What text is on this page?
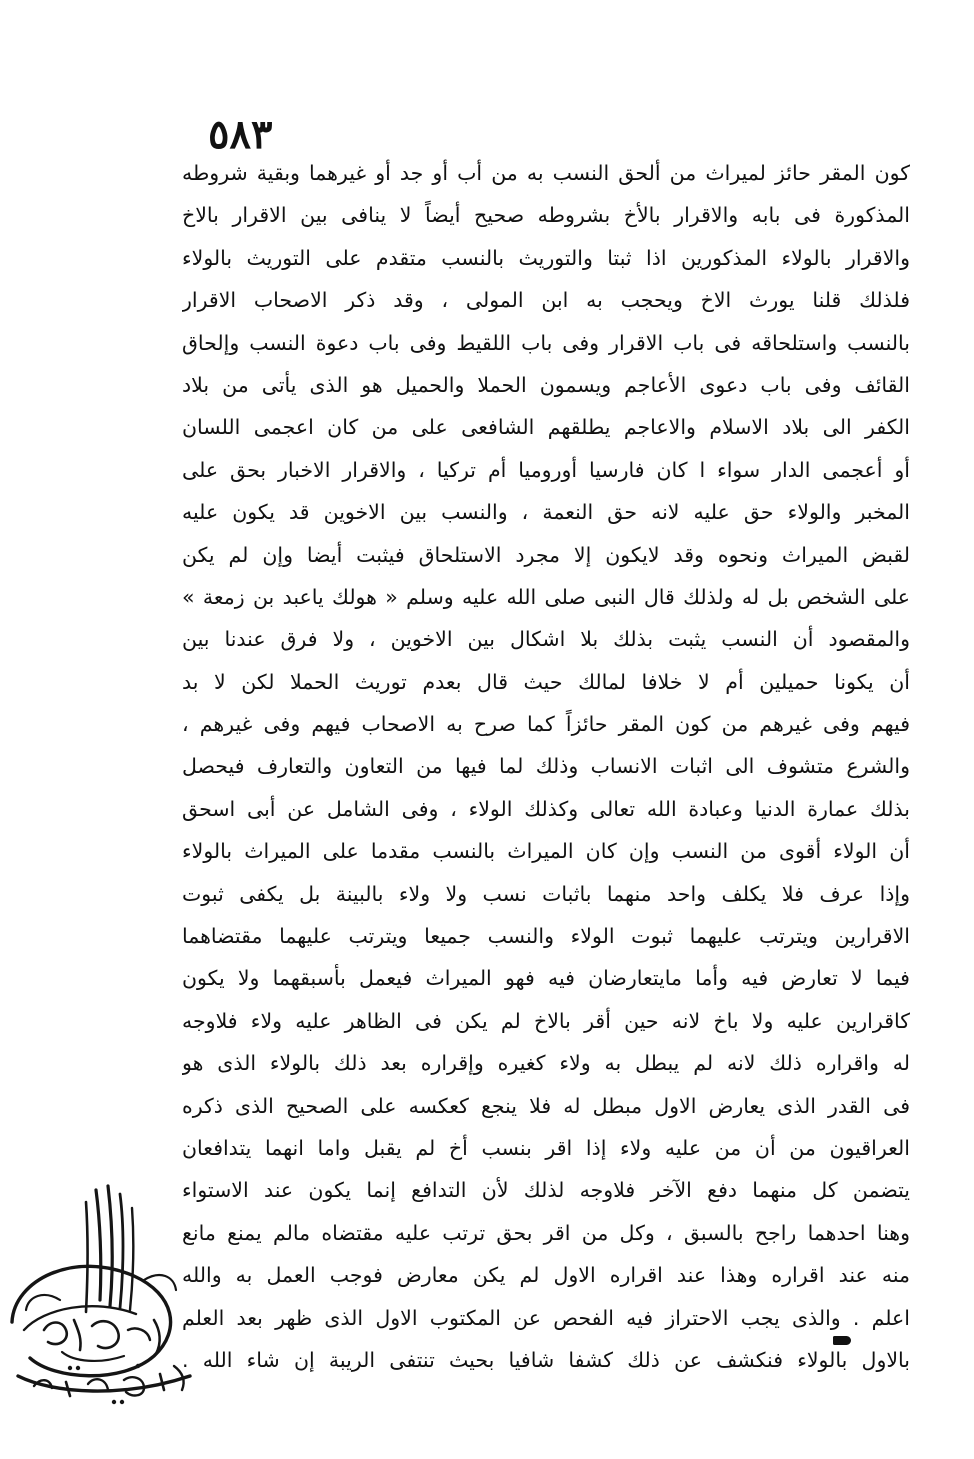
٣٨٥
كون المقر حائز لميراث من ألحق النسب به من أب أو جد أو غيرهما وبقية شروطه
المذكورة فى بابه والاقرار بالأخ بشروطه صحيح أيضاً لا ينافى بين الاقرار بالاخ
والاقرار بالولاء المذكورين اذا ثبتا والتوريث بالنسب متقدم على التوريث بالولاء
فلذلك قلنا يورث الاخ ويحجب به ابن المولى ، وقد ذكر الاصحاب الاقرار
بالنسب واستلحاقه فى باب الاقرار وفى باب اللقيط وفى باب دعوة النسب وإلحاق
القائف وفى باب دعوى الأعاجم ويسمون الحملا والحميل هو الذى يأتى من بلاد
الكفر الى بلاد الاسلام والاعاجم يطلقهم الشافعى على من كان اعجمى اللسان
أو أعجمى الدار سواء ا كان فارسيا أوروميا أم تركيا ، والاقرار الاخبار بحق على
المخبر والولاء حق عليه لانه حق النعمة ، والنسب بين الاخوين قد يكون عليه
لقبض الميراث ونحوه وقد لايكون إلا مجرد الاستلحاق فيثبت أيضا وإن لم يكن
على الشخص بل له ولذلك قال النبى صلى الله عليه وسلم « هولك ياعبد بن زمعة »
والمقصود أن النسب يثبت بذلك بلا اشكال بين الاخوين ، ولا فرق عندنا بين
أن يكونا حميلين أم لا خلافا لمالك حيث قال بعدم توريث الحملا لكن لا بد
فيهم وفى غيرهم من كون المقر حائزاً كما صرح به الاصحاب فيهم وفى غيرهم ،
والشرع متشوف الى اثبات الانساب وذلك لما فيها من التعاون والتعارف فيحصل
بذلك عمارة الدنيا وعبادة الله تعالى وكذلك الولاء ، وفى الشامل عن أبى اسحق
أن الولاء أقوى من النسب وإن كان الميراث بالنسب مقدما على الميراث بالولاء
وإذا عرف فلا يكلف واحد منهما باثبات نسب ولا ولاء بالبينة بل يكفى ثبوت
الاقرارين ويترتب عليهما ثبوت الولاء والنسب جميعا ويترتب عليهما مقتضاهما
فيما لا تعارض فيه وأما مايتعارضان فيه فهو الميراث فيعمل بأسبقهما ولا يكون
كاقرارين عليه ولا باخ لانه حين أقر بالاخ لم يكن فى الظاهر عليه ولاء فلاوجه
له واقراره ذلك لانه لم يبطل به ولاء كغيره وإقراره بعد ذلك بالولاء الذى هو
فى القدر الذى يعارض الاول مبطل له فلا ينجع كعكسه على الصحيح الذى ذكره
العراقيون من أن من عليه ولاء إذا اقر بنسب أخ لم يقبل واما انهما يتدافعان
يتضمن كل منهما دفع الآخر فلاوجه لذلك لأن التدافع إنما يكون عند الاستواء
وهنا احدهما راجح بالسبق ، وكل من اقر بحق ترتب عليه مقتضاه مالم يمنع مانع
منه عند اقراره وهذا عند اقراره الاول لم يكن معارض فوجب العمل به والله
اعلم . والذى يجب الاحتراز فيه الفحص عن المكتوب الاول الذى ظهر بعد العلم
بالاول بالولاء فنكشف عن ذلك كشفا شافيا بحيث تنتفى الريبة إن شاء الله .
